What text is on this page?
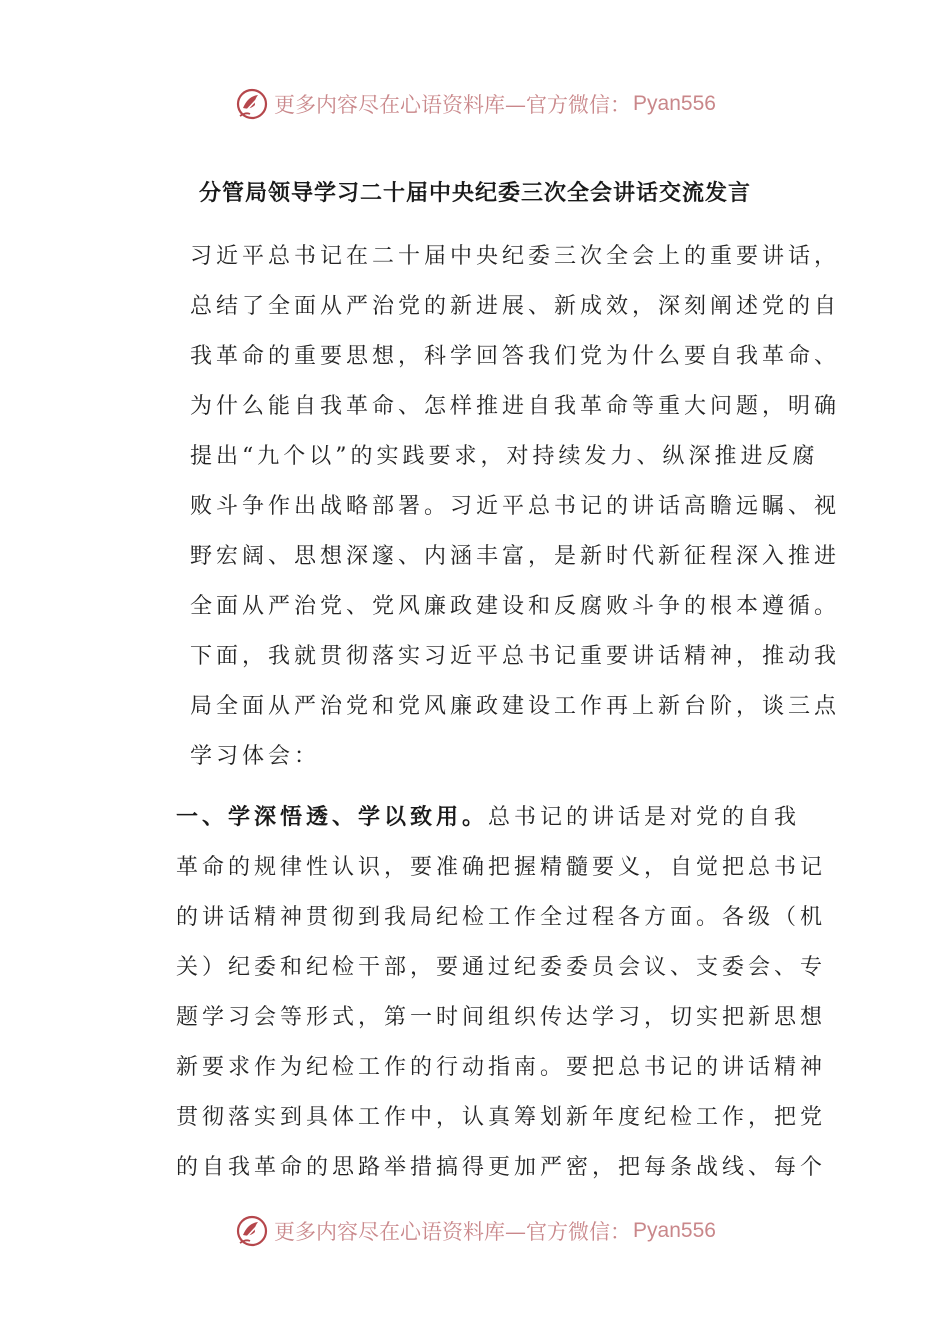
更多内容尽在心语资料库—官方微信： Pyan556
分管局领导学习二十届中央纪委三次全会讲话交流发言
习近平总书记在二十届中央纪委三次全会上的重要讲话，
总结了全面从严治党的新进展、新成效，深刻阐述党的自
我革命的重要思想，科学回答我们党为什么要自我革命、
为什么能自我革命、怎样推进自我革命等重大问题，明确
提出“九个以”的实践要求，对持续发力、纵深推进反腐
败斗争作出战略部署。习近平总书记的讲话高瞻远瞩、视
野宏阔、思想深邃、内涵丰富，是新时代新征程深入推进
全面从严治党、党风廉政建设和反腐败斗争的根本遵循。
下面，我就贯彻落实习近平总书记重要讲话精神，推动我
局全面从严治党和党风廉政建设工作再上新台阶，谈三点
学习体会：
一、学深悟透、学以致用。总书记的讲话是对党的自我
革命的规律性认识，要准确把握精髓要义，自觉把总书记
的讲话精神贯彻到我局纪检工作全过程各方面。各级（机
关）纪委和纪检干部，要通过纪委委员会议、支委会、专
题学习会等形式，第一时间组织传达学习，切实把新思想
新要求作为纪检工作的行动指南。要把总书记的讲话精神
贯彻落实到具体工作中，认真筹划新年度纪检工作，把党
的自我革命的思路举措搞得更加严密，把每条战线、每个
更多内容尽在心语资料库—官方微信： Pyan556
